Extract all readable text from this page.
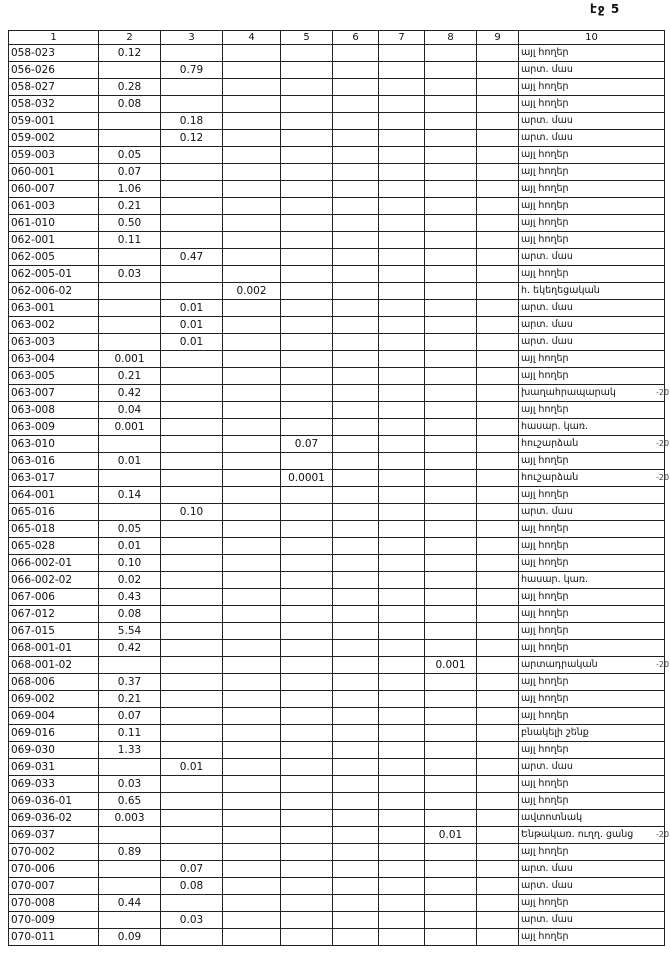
էջ 5
1	2	3	4	5	6	7	8	9	10
058-023	0.12								այլ հողեր
056-026		0.79							արտ. մաս
058-027	0.28								այլ հողեր
058-032	0.08								այլ հողեր
059-001		0.18							արտ. մաս
059-002		0.12							արտ. մաս
059-003	0.05								այլ հողեր
060-001	0.07								այլ հողեր
060-007	1.06								այլ հողեր
061-003	0.21								այլ հողեր
061-010	0.50								այլ հողեր
062-001	0.11								այլ հողեր
062-005		0.47							արտ. մաս
062-005-01	0.03								այլ հողեր
062-006-02			0.002						հ. եկեղեցական
063-001		0.01							արտ. մաս
063-002		0.01							արտ. մաս
063-003		0.01							արտ. մաս
063-004	0.001								այլ հողեր
063-005	0.21								այլ հողեր
063-007	0.42								խաղահրապարակ
063-008	0.04								այլ հողեր
063-009	0.001								հասար. կառ.
063-010				0.07					հուշարձան
063-016	0.01								այլ հողեր
063-017				0.0001					հուշարձան
064-001	0.14								այլ հողեր
065-016		0.10							արտ. մաս
065-018	0.05								այլ հողեր
065-028	0.01								այլ հողեր
066-002-01	0.10								այլ հողեր
066-002-02	0.02								հասար. կառ.
067-006	0.43								այլ հողեր
067-012	0.08								այլ հողեր
067-015	5.54								այլ հողեր
068-001-01	0.42								այլ հողեր
068-001-02							0.001		արտադրական
068-006	0.37								այլ հողեր
069-002	0.21								այլ հողեր
069-004	0.07								այլ հողեր
069-016	0.11								բնակելի շենք
069-030	1.33								այլ հողեր
069-031		0.01							արտ. մաս
069-033	0.03								այլ հողեր
069-036-01	0.65								այլ հողեր
069-036-02	0.003								ավտոտնակ
069-037							0.01		Ենթակառ. ուղղ. ցանց
070-002	0.89								այլ հողեր
070-006		0.07							արտ. մաս
070-007		0.08							արտ. մաս
070-008	0.44								այլ հողեր
070-009		0.03							արտ. մաս
070-011	0.09								այլ հողեր
-20
-20
-20
-20
-20
